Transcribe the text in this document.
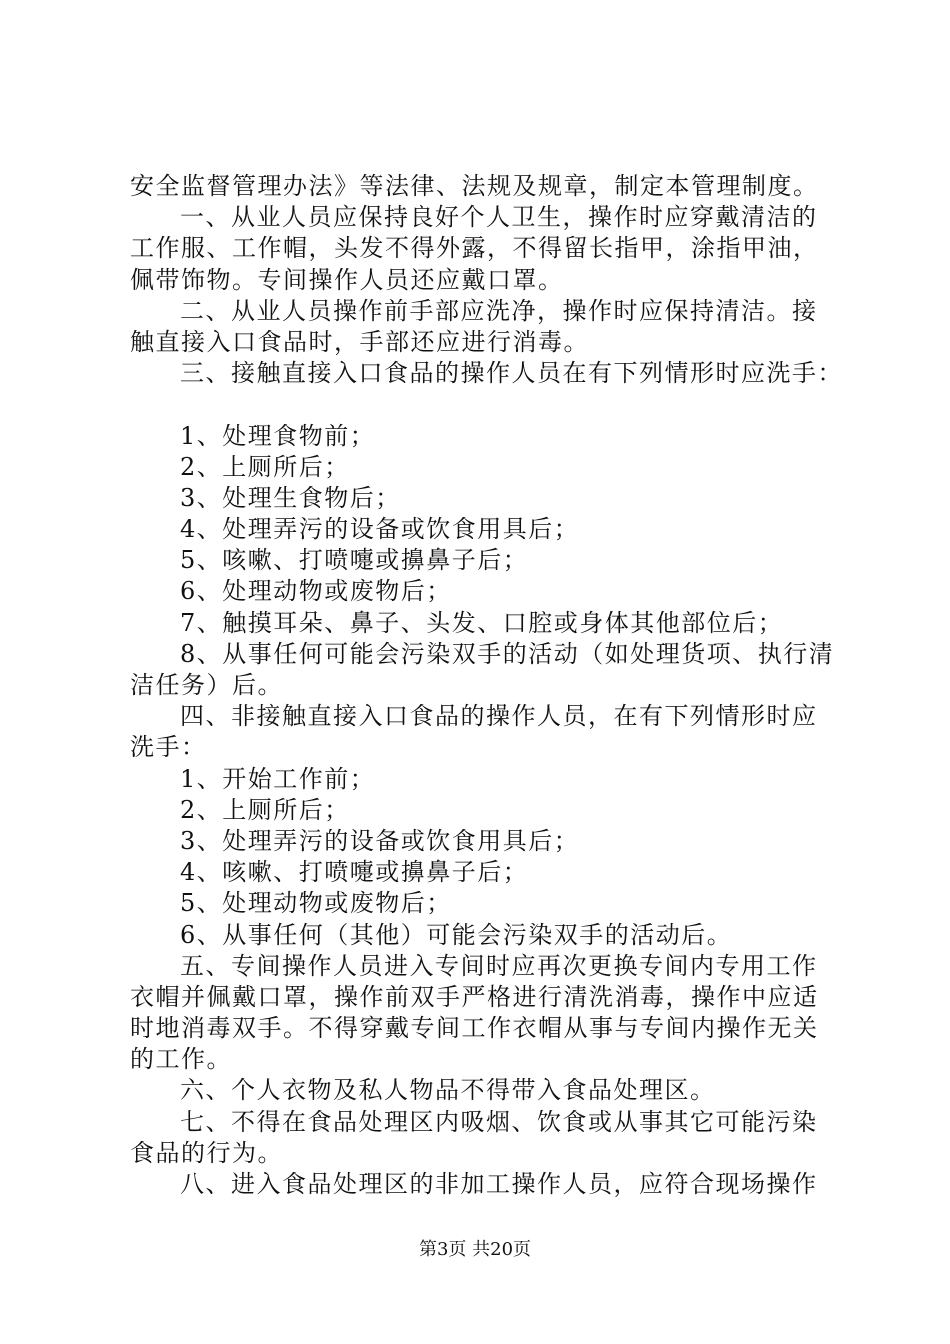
安全监督管理办法》等法律、法规及规章，制定本管理制度。
一、从业人员应保持良好个人卫生，操作时应穿戴清洁的
工作服、工作帽，头发不得外露，不得留长指甲，涂指甲油，
佩带饰物。专间操作人员还应戴口罩。
二、从业人员操作前手部应洗净，操作时应保持清洁。接
触直接入口食品时，手部还应进行消毒。
三、接触直接入口食品的操作人员在有下列情形时应洗手：
1、处理食物前；
2、上厕所后；
3、处理生食物后；
4、处理弄污的设备或饮食用具后；
5、咳嗽、打喷嚏或擤鼻子后；
6、处理动物或废物后；
7、触摸耳朵、鼻子、头发、口腔或身体其他部位后；
8、从事任何可能会污染双手的活动（如处理货项、执行清
洁任务）后。
四、非接触直接入口食品的操作人员，在有下列情形时应
洗手：
1、开始工作前；
2、上厕所后；
3、处理弄污的设备或饮食用具后；
4、咳嗽、打喷嚏或擤鼻子后；
5、处理动物或废物后；
6、从事任何（其他）可能会污染双手的活动后。
五、专间操作人员进入专间时应再次更换专间内专用工作
衣帽并佩戴口罩，操作前双手严格进行清洗消毒，操作中应适
时地消毒双手。不得穿戴专间工作衣帽从事与专间内操作无关
的工作。
六、个人衣物及私人物品不得带入食品处理区。
七、不得在食品处理区内吸烟、饮食或从事其它可能污染
食品的行为。
八、进入食品处理区的非加工操作人员，应符合现场操作
第3页 共20页
